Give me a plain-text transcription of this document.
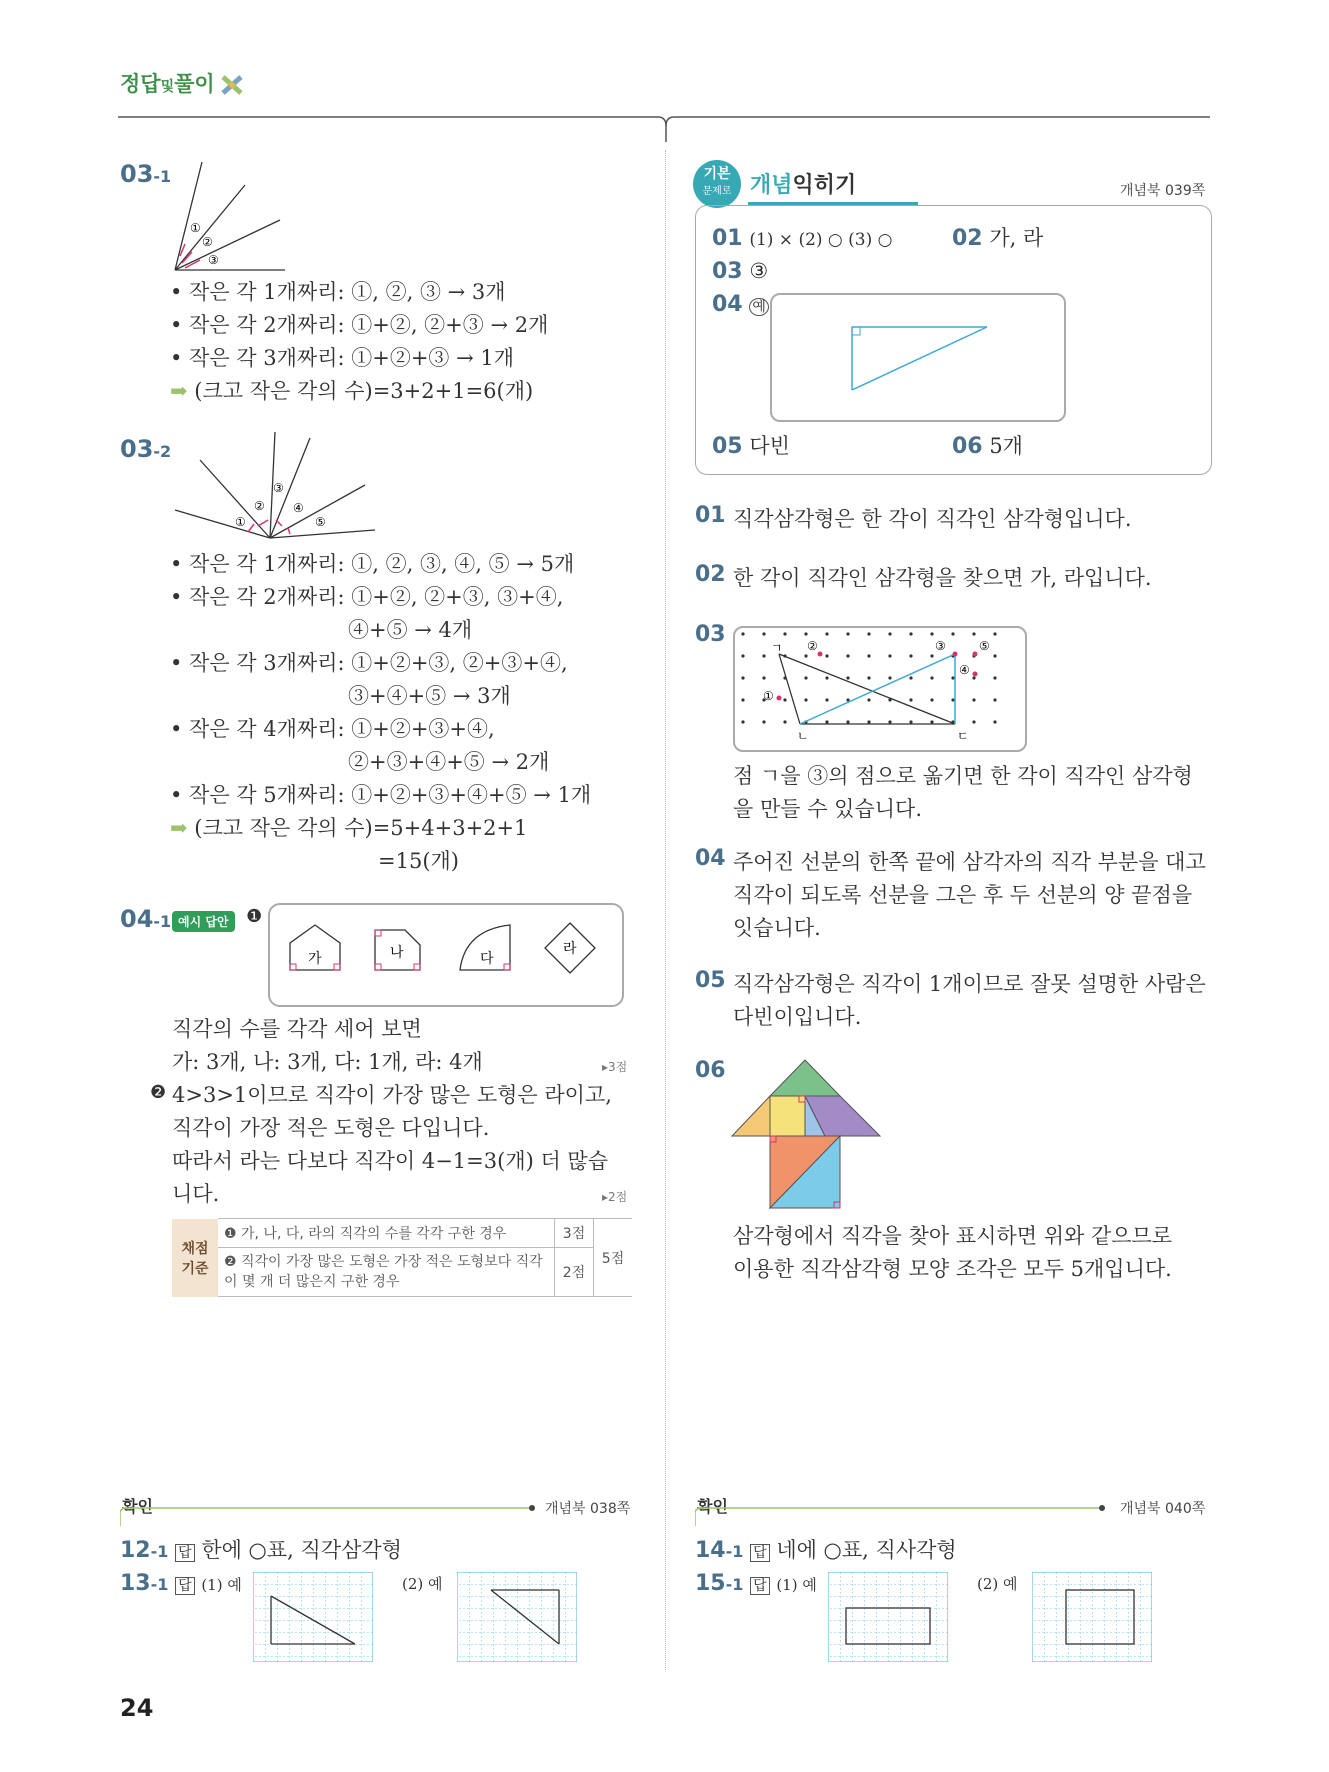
정답및풀이
03-1
①
②
③
• 작은 각 1개짜리: ①, ②, ③ → 3개
• 작은 각 2개짜리: ①+②, ②+③ → 2개
• 작은 각 3개짜리: ①+②+③ → 1개
➡ (크고 작은 각의 수)=3+2+1=6(개)
03-2
①
②
③
④
⑤
• 작은 각 1개짜리: ①, ②, ③, ④, ⑤ → 5개
• 작은 각 2개짜리: ①+②, ②+③, ③+④,
④+⑤ → 4개
• 작은 각 3개짜리: ①+②+③, ②+③+④,
③+④+⑤ → 3개
• 작은 각 4개짜리: ①+②+③+④,
②+③+④+⑤ → 2개
• 작은 각 5개짜리: ①+②+③+④+⑤ → 1개
➡ (크고 작은 각의 수)=5+4+3+2+1
=15(개)
04-1 예시 답안 ❶
가	나	다
라
직각의 수를 각각 세어 보면
가: 3개, 나: 3개, 다: 1개, 라: 4개	▸3점
❷ 4>3>1이므로 직각이 가장 많은 도형은 라이고,
직각이 가장 적은 도형은 다입니다.
따라서 라는 다보다 직각이 4−1=3(개) 더 많습
니다.	▸2점
채점
기준	❶ 가, 나, 다, 라의 직각의 수를 각각 구한 경우	3점	5점
	❷ 직각이 가장 많은 도형은 가장 적은 도형보다 직각이 몇 개 더 많은지 구한 경우	2점	
확인	개념북 038쪽
12-1 답 한에 ○표, 직각삼각형
13-1 답 (1) 예	(2) 예
24
기본
문제로 개념익히기	개념북 039쪽
01 (1) × (2) ○ (3) ○	02 가, 라
03 ③
04 예
05 다빈	06 5개
01 직각삼각형은 한 각이 직각인 삼각형입니다.
02 한 각이 직각인 삼각형을 찾으면 가, 라입니다.
03
ㄱ ②	③	⑤
④
①
ㄴ	ㄷ
점 ㄱ을 ③의 점으로 옮기면 한 각이 직각인 삼각형
을 만들 수 있습니다.
04 주어진 선분의 한쪽 끝에 삼각자의 직각 부분을 대고
직각이 되도록 선분을 그은 후 두 선분의 양 끝점을
잇습니다.
05 직각삼각형은 직각이 1개이므로 잘못 설명한 사람은
다빈이입니다.
06
삼각형에서 직각을 찾아 표시하면 위와 같으므로
이용한 직각삼각형 모양 조각은 모두 5개입니다.
확인	개념북 040쪽
14-1 답 네에 ○표, 직사각형
15-1 답 (1) 예	(2) 예
